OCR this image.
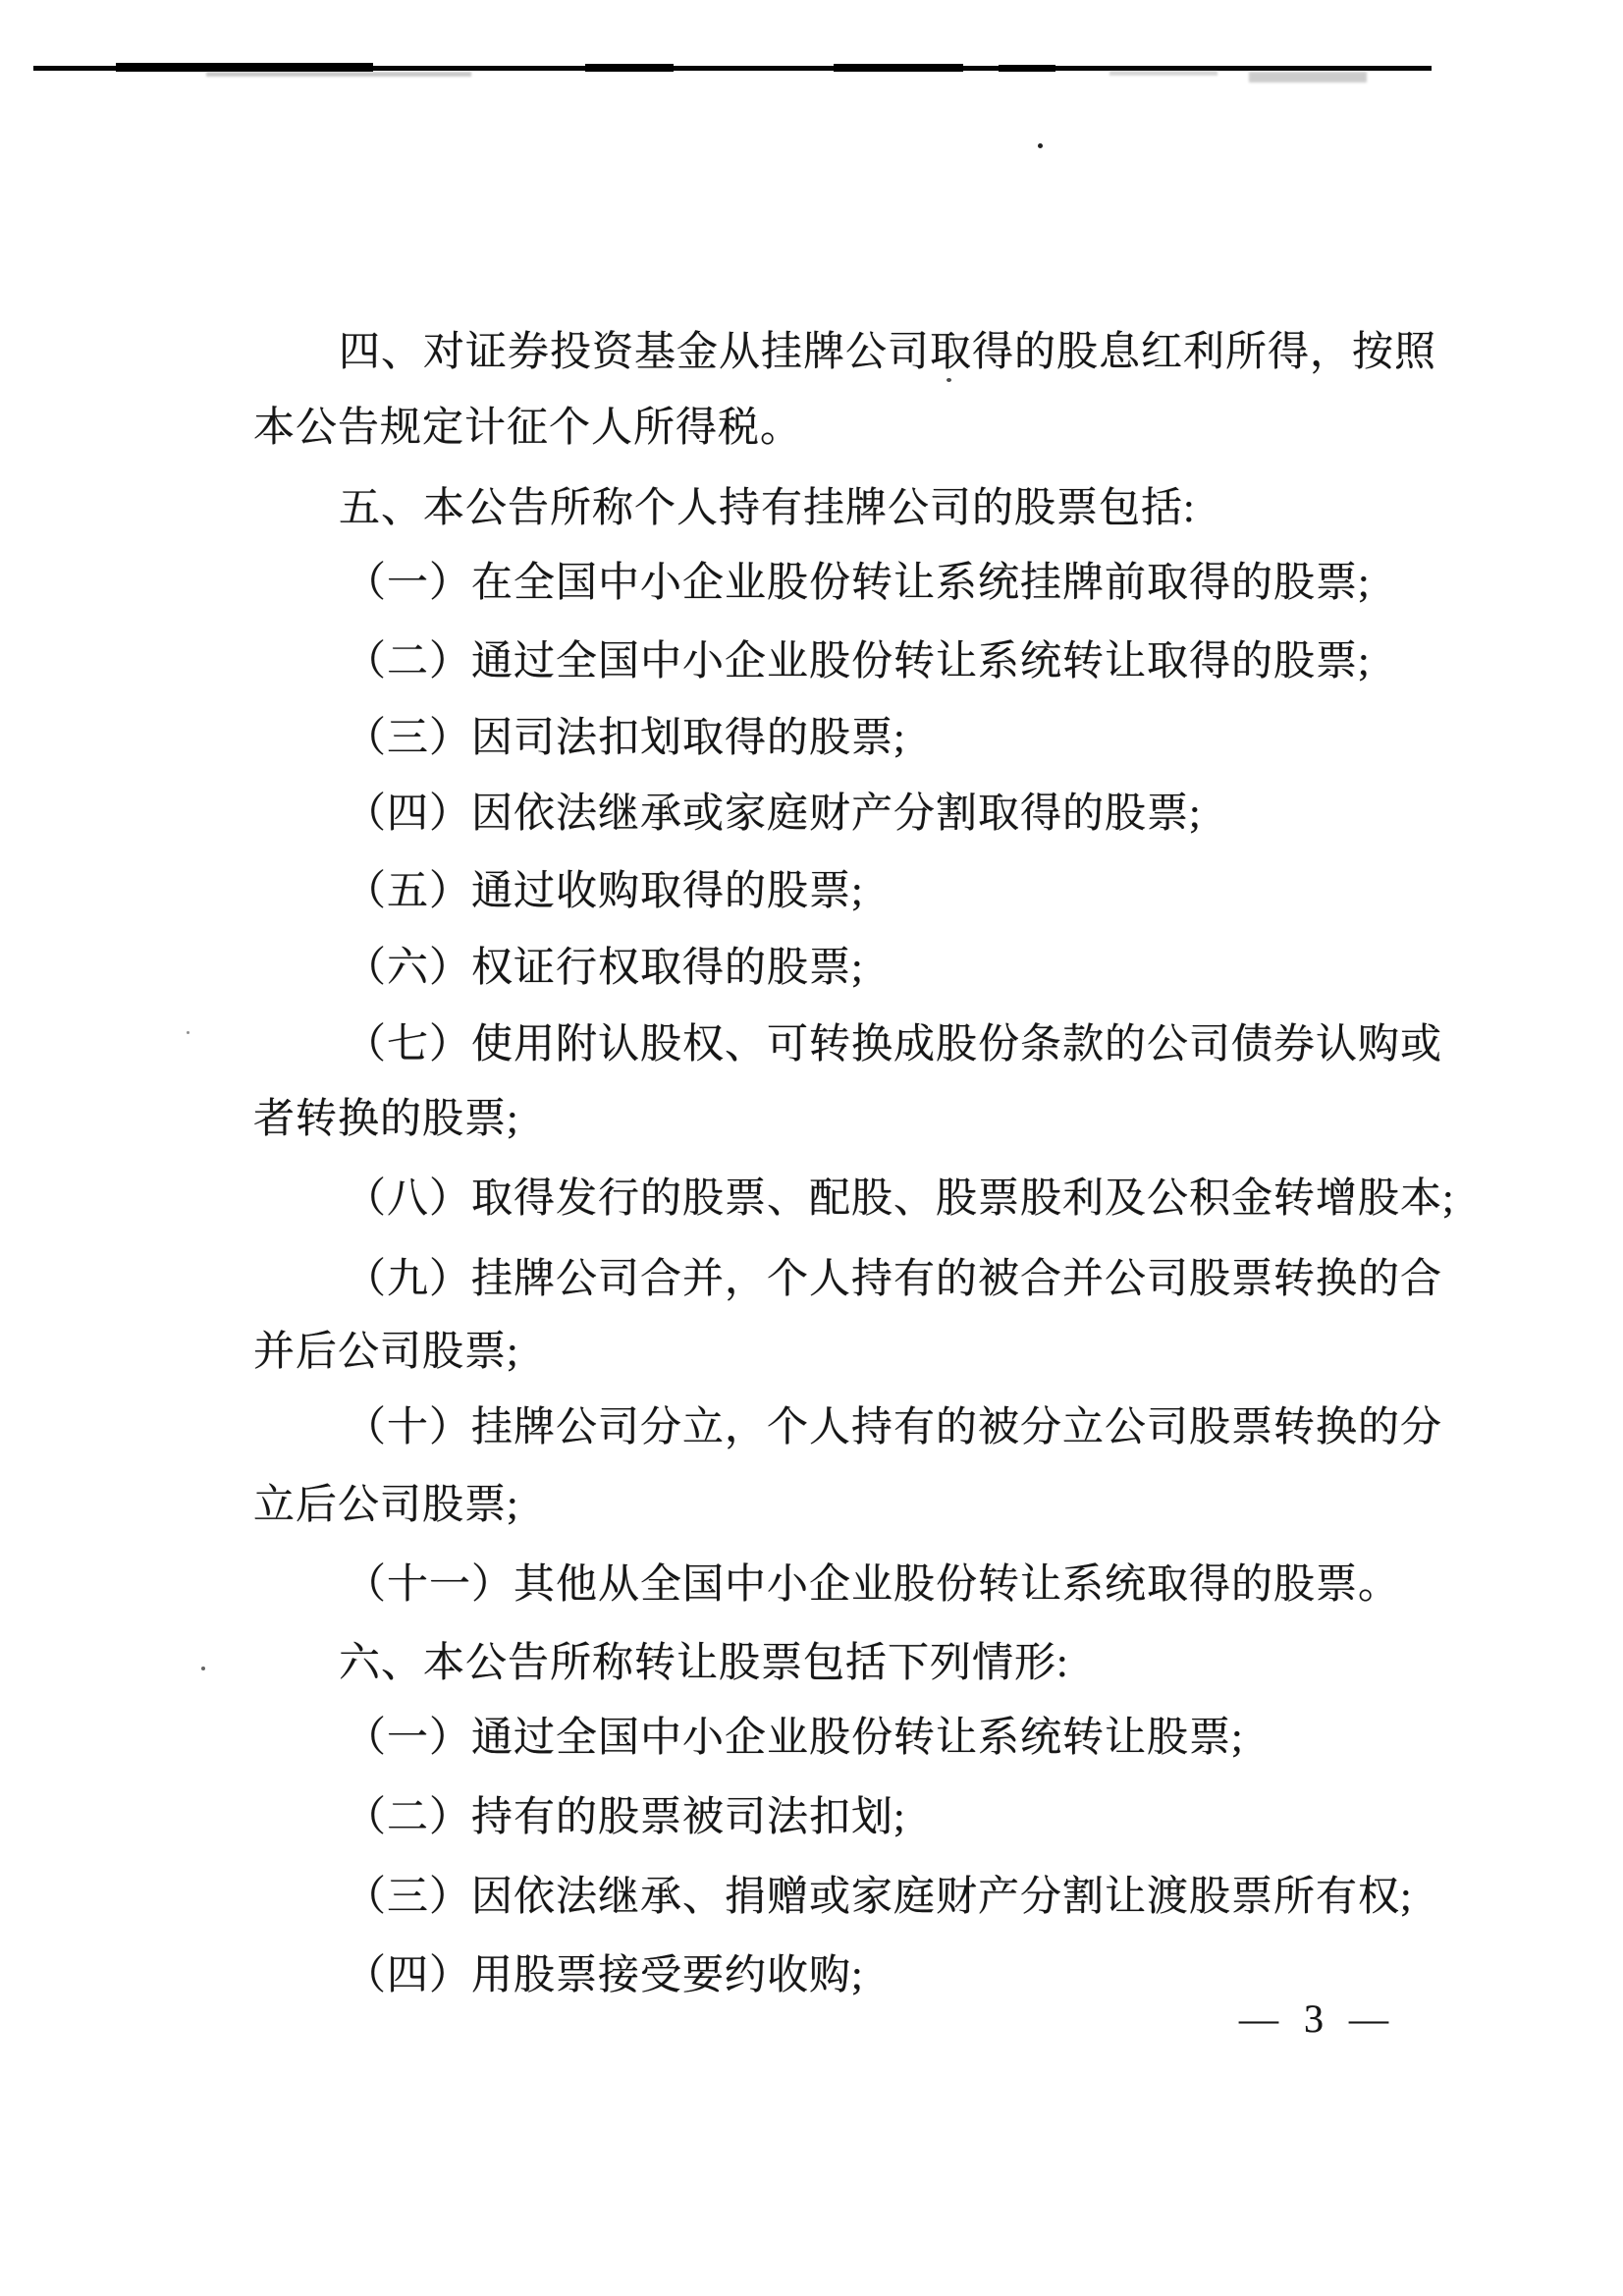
四、对证券投资基金从挂牌公司取得的股息红利所得，按照
本公告规定计征个人所得税。
五、本公告所称个人持有挂牌公司的股票包括:
（一）在全国中小企业股份转让系统挂牌前取得的股票;
（二）通过全国中小企业股份转让系统转让取得的股票;
（三）因司法扣划取得的股票;
（四）因依法继承或家庭财产分割取得的股票;
（五）通过收购取得的股票;
（六）权证行权取得的股票;
（七）使用附认股权、可转换成股份条款的公司债券认购或
者转换的股票;
（八）取得发行的股票、配股、股票股利及公积金转增股本;
（九）挂牌公司合并，个人持有的被合并公司股票转换的合
并后公司股票;
（十）挂牌公司分立，个人持有的被分立公司股票转换的分
立后公司股票;
（十一）其他从全国中小企业股份转让系统取得的股票。
六、本公告所称转让股票包括下列情形:
（一）通过全国中小企业股份转让系统转让股票;
（二）持有的股票被司法扣划;
（三）因依法继承、捐赠或家庭财产分割让渡股票所有权;
（四）用股票接受要约收购;
— 3 —
